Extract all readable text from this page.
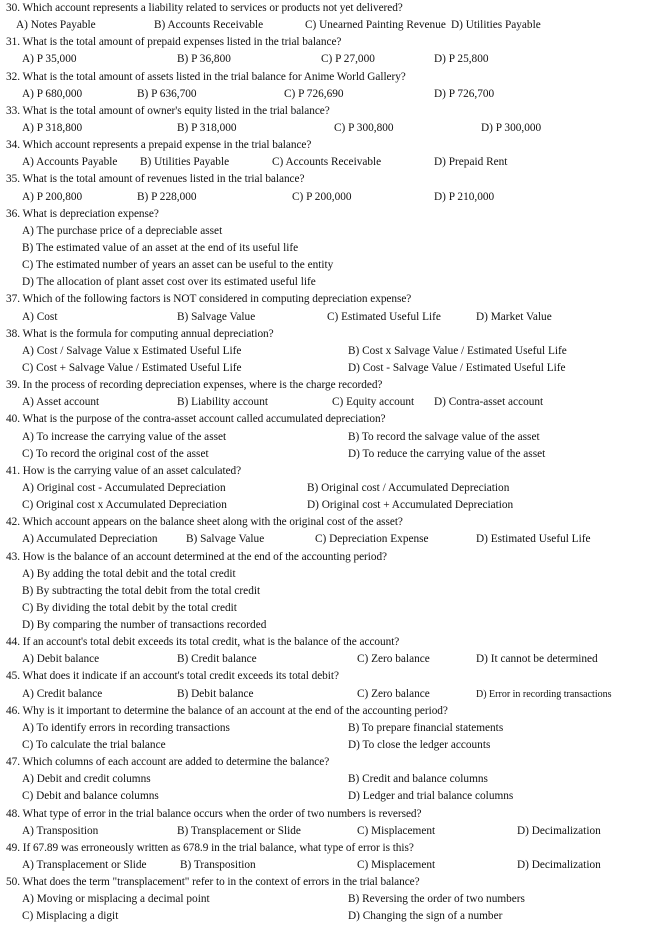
30. Which account represents a liability related to services or products not yet delivered?
A) Notes Payable	B) Accounts Receivable	C) Unearned Painting Revenue D) Utilities Payable
31. What is the total amount of prepaid expenses listed in the trial balance?
A) P 35,000	B) P 36,800	C) P 27,000	D) P 25,800
32. What is the total amount of assets listed in the trial balance for Anime World Gallery?
A) P 680,000	B) P 636,700	C) P 726,690	D) P 726,700
33. What is the total amount of owner's equity listed in the trial balance?
A) P 318,800	B) P 318,000	C) P 300,800	D) P 300,000
34. Which account represents a prepaid expense in the trial balance?
A) Accounts Payable B) Utilities Payable	C) Accounts Receivable	D) Prepaid Rent
35. What is the total amount of revenues listed in the trial balance?
A) P 200,800	B) P 228,000	C) P 200,000	D) P 210,000
36. What is depreciation expense?
A) The purchase price of a depreciable asset
B) The estimated value of an asset at the end of its useful life
C) The estimated number of years an asset can be useful to the entity
D) The allocation of plant asset cost over its estimated useful life
37. Which of the following factors is NOT considered in computing depreciation expense?
A) Cost	B) Salvage Value	C) Estimated Useful Life	D) Market Value
38. What is the formula for computing annual depreciation?
A) Cost / Salvage Value x Estimated Useful Life	B) Cost x Salvage Value / Estimated Useful Life
C) Cost + Salvage Value / Estimated Useful Life	D) Cost - Salvage Value / Estimated Useful Life
39. In the process of recording depreciation expenses, where is the charge recorded?
A) Asset account	B) Liability account	C) Equity account D) Contra-asset account
40. What is the purpose of the contra-asset account called accumulated depreciation?
A) To increase the carrying value of the asset	B) To record the salvage value of the asset
C) To record the original cost of the asset	D) To reduce the carrying value of the asset
41. How is the carrying value of an asset calculated?
A) Original cost - Accumulated Depreciation	B) Original cost / Accumulated Depreciation
C) Original cost x Accumulated Depreciation	D) Original cost + Accumulated Depreciation
42. Which account appears on the balance sheet along with the original cost of the asset?
A) Accumulated Depreciation	B) Salvage Value	C) Depreciation Expense	D) Estimated Useful Life
43. How is the balance of an account determined at the end of the accounting period?
A) By adding the total debit and the total credit
B) By subtracting the total debit from the total credit
C) By dividing the total debit by the total credit
D) By comparing the number of transactions recorded
44. If an account's total debit exceeds its total credit, what is the balance of the account?
A) Debit balance	B) Credit balance	C) Zero balance	D) It cannot be determined
45. What does it indicate if an account's total credit exceeds its total debit?
A) Credit balance	B) Debit balance	C) Zero balance	D) Error in recording transactions
46. Why is it important to determine the balance of an account at the end of the accounting period?
A) To identify errors in recording transactions	B) To prepare financial statements
C) To calculate the trial balance	D) To close the ledger accounts
47. Which columns of each account are added to determine the balance?
A) Debit and credit columns	B) Credit and balance columns
C) Debit and balance columns	D) Ledger and trial balance columns
48. What type of error in the trial balance occurs when the order of two numbers is reversed?
A) Transposition	B) Transplacement or Slide	C) Misplacement	D) Decimalization
49. If 67.89 was erroneously written as 678.9 in the trial balance, what type of error is this?
A) Transplacement or Slide	B) Transposition	C) Misplacement	D) Decimalization
50. What does the term "transplacement" refer to in the context of errors in the trial balance?
A) Moving or misplacing a decimal point	B) Reversing the order of two numbers
C) Misplacing a digit	D) Changing the sign of a number
